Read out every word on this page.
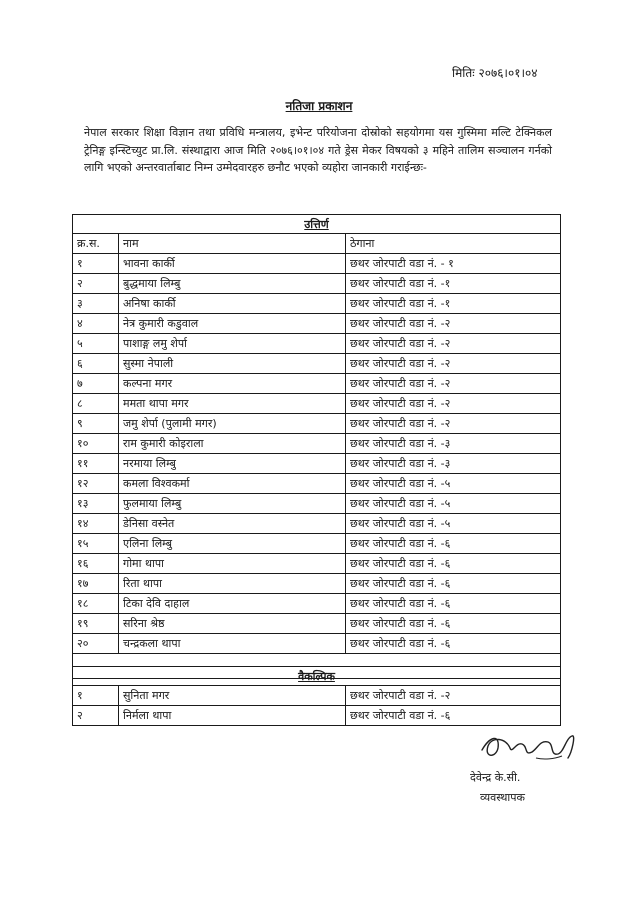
मितिः २०७६।०१।०४
नतिजा प्रकाशन
नेपाल सरकार शिक्षा विज्ञान तथा प्रविधि मन्त्रालय, इभेन्ट परियोजना दोस्रोको सहयोगमा यस गुस्मिमा मल्टि टेक्निकल ट्रेनिङ्ग इन्स्टिच्युट प्रा.लि. संस्थाद्वारा आज मिति २०७६।०१।०४ गते ड्रेस मेकर विषयको ३ महिने तालिम सञ्चालन गर्नको लागि भएको अन्तरवार्ताबाट निम्न उम्मेदवारहरु छनौट भएको व्यहोरा जानकारी गराईन्छः-
उत्तिर्ण		
क्र.स.	नाम	ठेगाना
१	भावना कार्की	छथर जोरपाटी वडा नं. - १
२	बुद्धमाया लिम्बु	छथर जोरपाटी वडा नं. -१
३	अनिषा कार्की	छथर जोरपाटी वडा नं. -१
४	नेत्र कुमारी कडुवाल	छथर जोरपाटी वडा नं. -२
५	पाशाङ्ग लमु शेर्पा	छथर जोरपाटी वडा नं. -२
६	सुस्मा नेपाली	छथर जोरपाटी वडा नं. -२
७	कल्पना मगर	छथर जोरपाटी वडा नं. -२
८	ममता थापा मगर	छथर जोरपाटी वडा नं. -२
९	जमु शेर्पा (पुलामी मगर)	छथर जोरपाटी वडा नं. -२
१०	राम कुमारी कोइराला	छथर जोरपाटी वडा नं. -३
११	नरमाया लिम्बु	छथर जोरपाटी वडा नं. -३
१२	कमला विश्वकर्मा	छथर जोरपाटी वडा नं. -५
१३	फुलमाया लिम्बु	छथर जोरपाटी वडा नं. -५
१४	डेनिसा वस्नेत	छथर जोरपाटी वडा नं. -५
१५	एलिना लिम्बु	छथर जोरपाटी वडा नं. -६
१६	गोमा थापा	छथर जोरपाटी वडा नं. -६
१७	रिता थापा	छथर जोरपाटी वडा नं. -६
१८	टिका देवि दाहाल	छथर जोरपाटी वडा नं. -६
१९	सरिना श्रेष्ठ	छथर जोरपाटी वडा नं. -६
२०	चन्द्रकला थापा	छथर जोरपाटी वडा नं. -६

वैकल्पिक		
१	सुनिता मगर	छथर जोरपाटी वडा नं. -२
२	निर्मला थापा	छथर जोरपाटी वडा नं. -६
देवेन्द्र के.सी.
व्यवस्थापक
